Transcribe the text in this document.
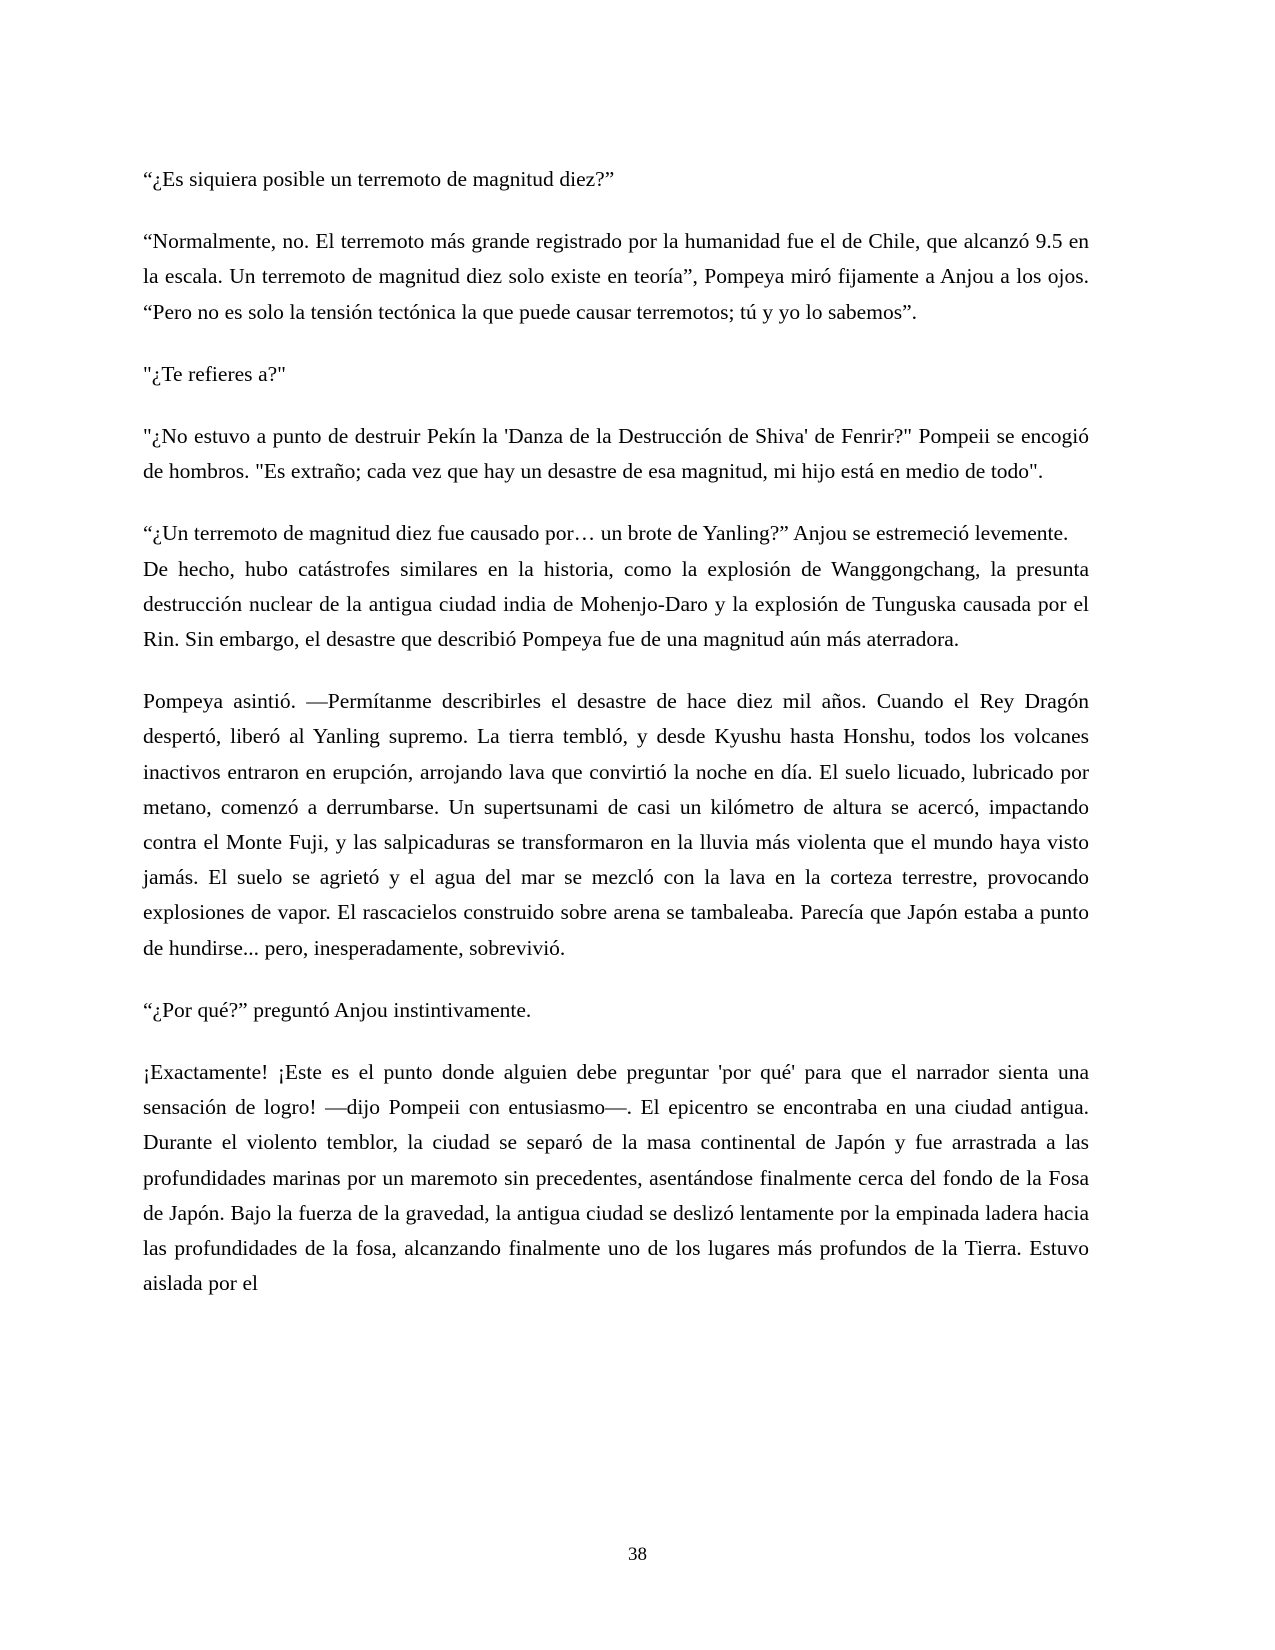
“¿Es siquiera posible un terremoto de magnitud diez?”

“Normalmente, no. El terremoto más grande registrado por la humanidad fue el de Chile, que alcanzó 9.5 en la escala. Un terremoto de magnitud diez solo existe en teoría”, Pompeya miró fijamente a Anjou a los ojos. “Pero no es solo la tensión tectónica la que puede causar terremotos; tú y yo lo sabemos”.

"¿Te refieres a?"

"¿No estuvo a punto de destruir Pekín la 'Danza de la Destrucción de Shiva' de Fenrir?" Pompeii se encogió de hombros. "Es extraño; cada vez que hay un desastre de esa magnitud, mi hijo está en medio de todo".

“¿Un terremoto de magnitud diez fue causado por… un brote de Yanling?” Anjou se estremeció levemente.

De hecho, hubo catástrofes similares en la historia, como la explosión de Wanggongchang, la presunta destrucción nuclear de la antigua ciudad india de Mohenjo-Daro y la explosión de Tunguska causada por el Rin. Sin embargo, el desastre que describió Pompeya fue de una magnitud aún más aterradora.

Pompeya asintió. —Permítanme describirles el desastre de hace diez mil años. Cuando el Rey Dragón despertó, liberó al Yanling supremo. La tierra tembló, y desde Kyushu hasta Honshu, todos los volcanes inactivos entraron en erupción, arrojando lava que convirtió la noche en día. El suelo licuado, lubricado por metano, comenzó a derrumbarse. Un supertsunami de casi un kilómetro de altura se acercó, impactando contra el Monte Fuji, y las salpicaduras se transformaron en la lluvia más violenta que el mundo haya visto jamás. El suelo se agrietó y el agua del mar se mezcló con la lava en la corteza terrestre, provocando explosiones de vapor. El rascacielos construido sobre arena se tambaleaba. Parecía que Japón estaba a punto de hundirse... pero, inesperadamente, sobrevivió.

“¿Por qué?” preguntó Anjou instintivamente.

¡Exactamente! ¡Este es el punto donde alguien debe preguntar 'por qué' para que el narrador sienta una sensación de logro! —dijo Pompeii con entusiasmo—. El epicentro se encontraba en una ciudad antigua. Durante el violento temblor, la ciudad se separó de la masa continental de Japón y fue arrastrada a las profundidades marinas por un maremoto sin precedentes, asentándose finalmente cerca del fondo de la Fosa de Japón. Bajo la fuerza de la gravedad, la antigua ciudad se deslizó lentamente por la empinada ladera hacia las profundidades de la fosa, alcanzando finalmente uno de los lugares más profundos de la Tierra. Estuvo aislada por el

38
